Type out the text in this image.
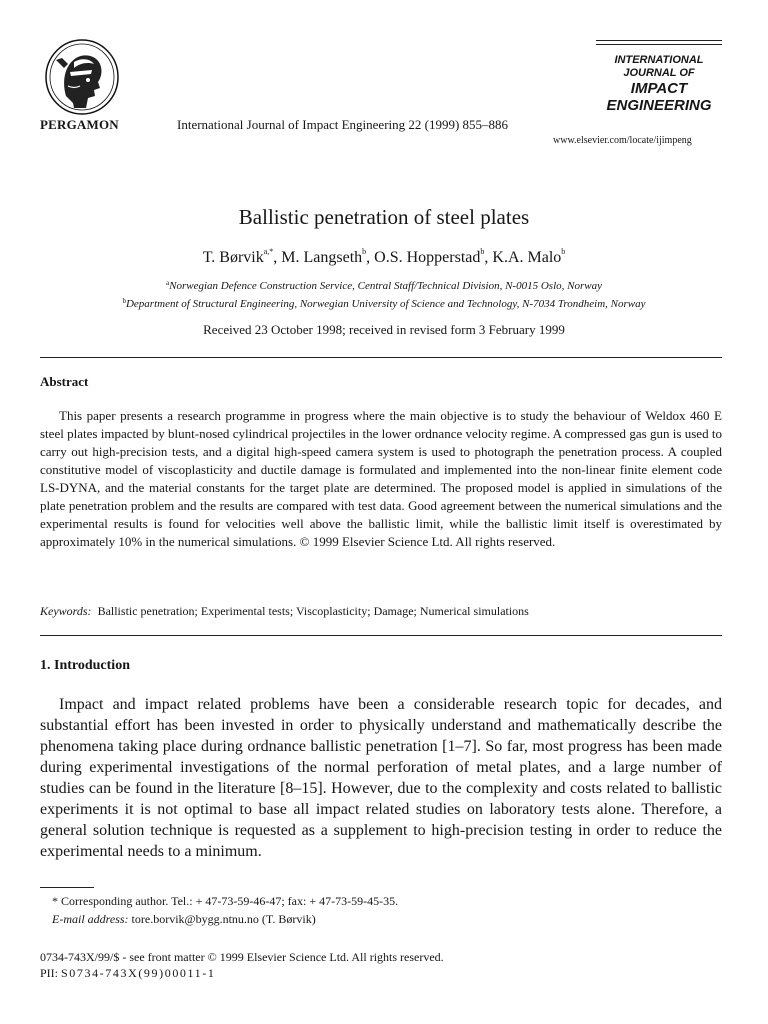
PERGAMON	International Journal of Impact Engineering 22 (1999) 855–886
INTERNATIONAL
JOURNAL OF
IMPACT
ENGINEERING
www.elsevier.com/locate/ijimpeng
Ballistic penetration of steel plates
T. Børvik$^{a,*}$, M. Langseth$^b$, O.S. Hopperstad$^b$, K.A. Malo$^b$
$^a$Norwegian Defence Construction Service, Central Staff/Technical Division, N-0015 Oslo, Norway
$^b$Department of Structural Engineering, Norwegian University of Science and Technology, N-7034 Trondheim, Norway
Received 23 October 1998; received in revised form 3 February 1999
Abstract

This paper presents a research programme in progress where the main objective is to study the behaviour of Weldox 460 E steel plates impacted by blunt-nosed cylindrical projectiles in the lower ordnance velocity regime. A compressed gas gun is used to carry out high-precision tests, and a digital high-speed camera system is used to photograph the penetration process. A coupled constitutive model of viscoplasticity and ductile damage is formulated and implemented into the non-linear finite element code LS-DYNA, and the material constants for the target plate are determined. The proposed model is applied in simulations of the plate penetration problem and the results are compared with test data. Good agreement between the numerical simulations and the experimental results is found for velocities well above the ballistic limit, while the ballistic limit itself is overestimated by approximately 10% in the numerical simulations. © 1999 Elsevier Science Ltd. All rights reserved.

Keywords: Ballistic penetration; Experimental tests; Viscoplasticity; Damage; Numerical simulations
1. Introduction

Impact and impact related problems have been a considerable research topic for decades, and substantial effort has been invested in order to physically understand and mathematically describe the phenomena taking place during ordnance ballistic penetration [1–7]. So far, most progress has been made during experimental investigations of the normal perforation of metal plates, and a large number of studies can be found in the literature [8–15]. However, due to the complexity and costs related to ballistic experiments it is not optimal to base all impact related studies on laboratory tests alone. Therefore, a general solution technique is requested as a supplement to high-precision testing in order to reduce the experimental needs to a minimum.

* Corresponding author. Tel.: + 47-73-59-46-47; fax: + 47-73-59-45-35.
E-mail address: tore.borvik@bygg.ntnu.no (T. Børvik)
0734-743X/99/$ - see front matter © 1999 Elsevier Science Ltd. All rights reserved.
PII: S0734-743X(99)00011-1
